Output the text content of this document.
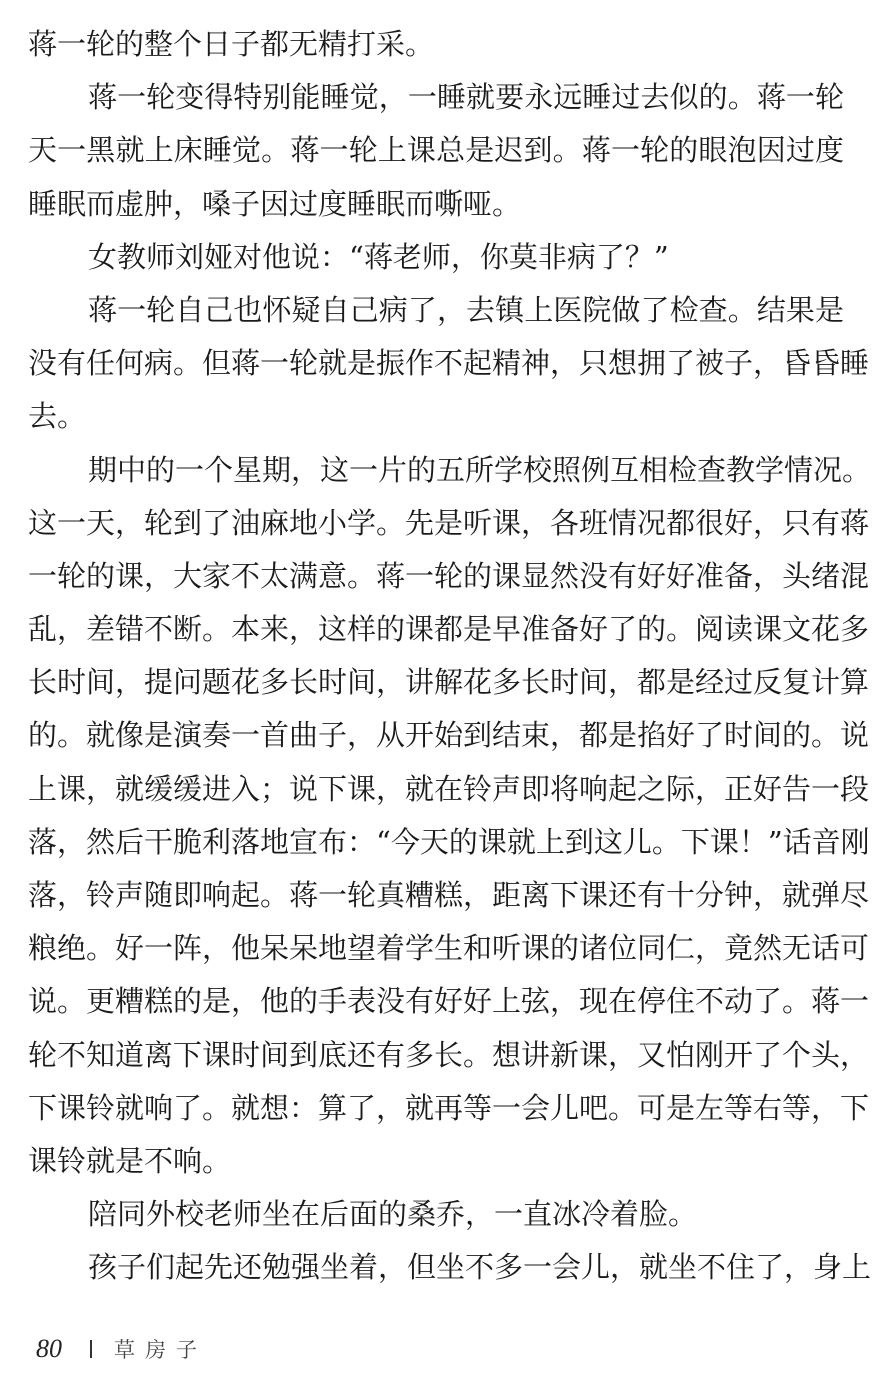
蒋一轮的整个日子都无精打采。
蒋一轮变得特别能睡觉，一睡就要永远睡过去似的。蒋一轮
天一黑就上床睡觉。蒋一轮上课总是迟到。蒋一轮的眼泡因过度
睡眠而虚肿，嗓子因过度睡眠而嘶哑。
女教师刘娅对他说：“蒋老师，你莫非病了？”
蒋一轮自己也怀疑自己病了，去镇上医院做了检查。结果是
没有任何病。但蒋一轮就是振作不起精神，只想拥了被子，昏昏睡
去。
期中的一个星期，这一片的五所学校照例互相检查教学情况。
这一天，轮到了油麻地小学。先是听课，各班情况都很好，只有蒋
一轮的课，大家不太满意。蒋一轮的课显然没有好好准备，头绪混
乱，差错不断。本来，这样的课都是早准备好了的。阅读课文花多
长时间，提问题花多长时间，讲解花多长时间，都是经过反复计算
的。就像是演奏一首曲子，从开始到结束，都是掐好了时间的。说
上课，就缓缓进入；说下课，就在铃声即将响起之际，正好告一段
落，然后干脆利落地宣布：“今天的课就上到这儿。下课！”话音刚
落，铃声随即响起。蒋一轮真糟糕，距离下课还有十分钟，就弹尽
粮绝。好一阵，他呆呆地望着学生和听课的诸位同仁，竟然无话可
说。更糟糕的是，他的手表没有好好上弦，现在停住不动了。蒋一
轮不知道离下课时间到底还有多长。想讲新课，又怕刚开了个头，
下课铃就响了。就想：算了，就再等一会儿吧。可是左等右等，下
课铃就是不响。
陪同外校老师坐在后面的桑乔，一直冰冷着脸。
孩子们起先还勉强坐着，但坐不多一会儿，就坐不住了，身上
80	草房子
